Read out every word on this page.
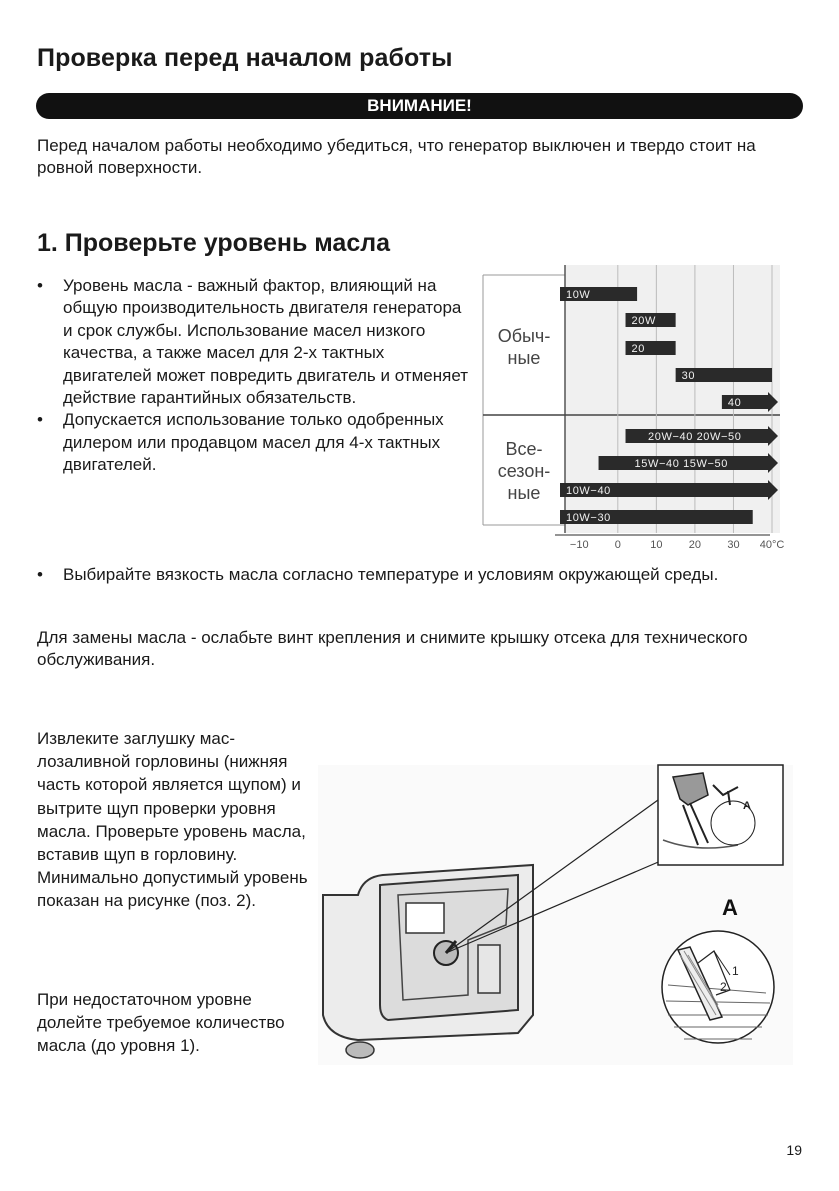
Проверка перед началом работы
ВНИМАНИЕ!

Перед началом работы необходимо убедиться, что генератор выключен и твердо стоит на ровной поверхности.

1. Проверьте уровень масла
• Уровень масла - важный фактор, влияющий на общую производительность двигателя генератора и срок службы. Использование масел низкого качества, а также масел для 2-х тактных двигателей может повредить двигатель и отменяет действие гарантийных обязательств.
• Допускается использование только одобренных дилером или продавцом масел для 4-х тактных двигателей.
• Выбирайте вязкость масла согласно температуре и условиям окружающей среды.

Для замены масла - ослабьте винт крепления и снимите крышку отсека для технического обслуживания.

Извлеките заглушку маслозаливной горловины (нижняя часть которой является щупом) и вытрите щуп проверки уровня масла. Проверьте уровень масла, вставив щуп в горловину. Минимально допустимый уровень показан на рисунке (поз. 2).

При недостаточном уровне долейте требуемое количество масла (до уровня 1).

10W
20W
20
30
40
20W−40 20W−50
15W−40 15W−50
10W−40
10W−30
−10 0	10 20 30 40°C
Обыч-
ные
Все-
сезон-
ные
A
A
1
2
19
